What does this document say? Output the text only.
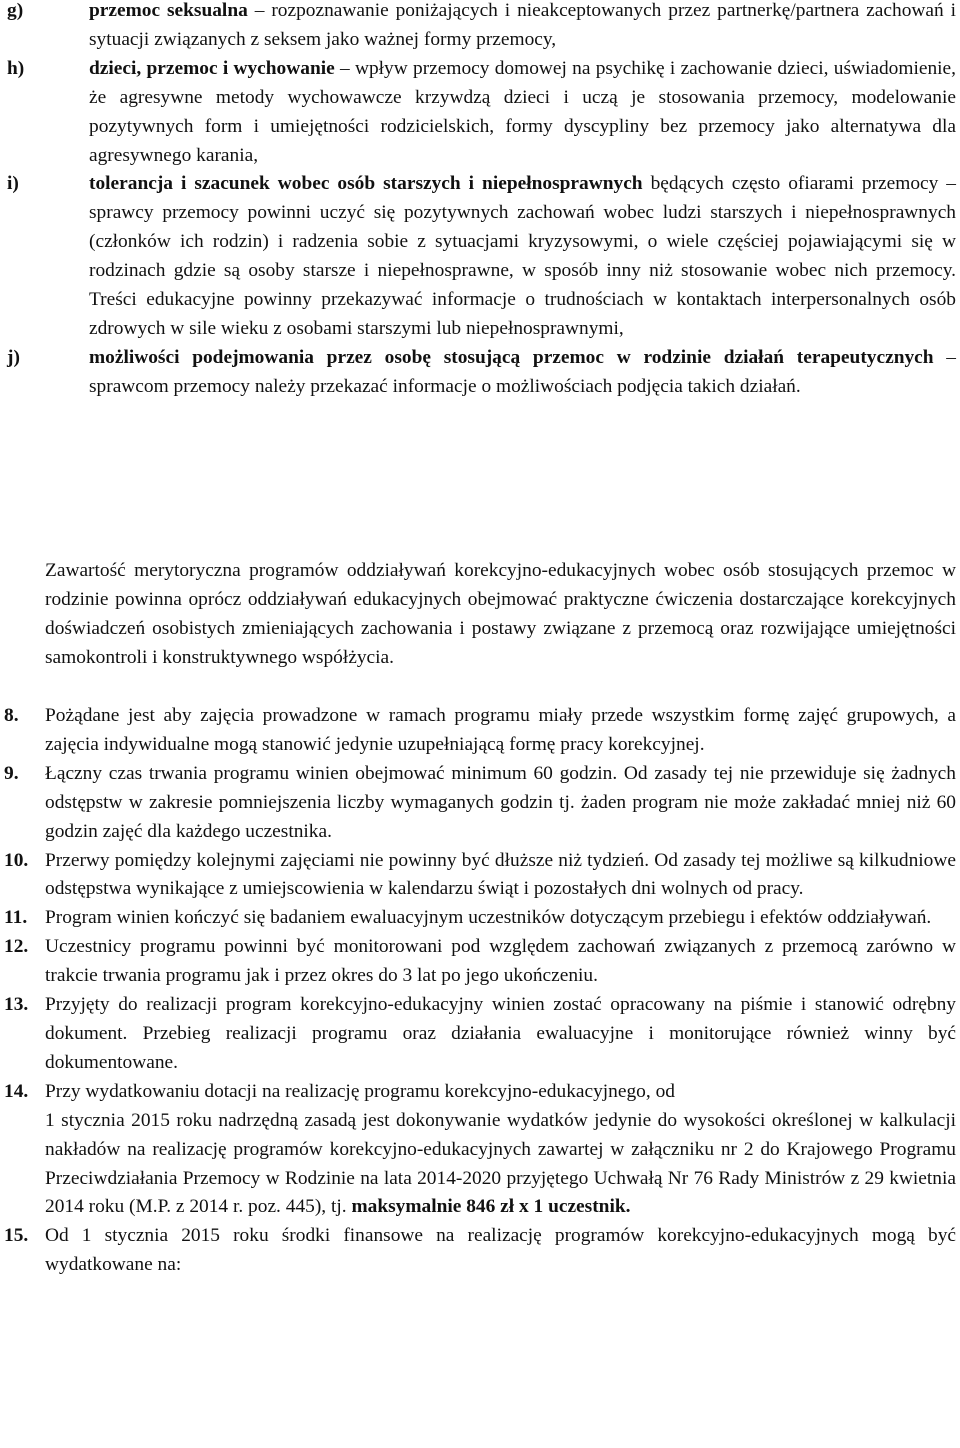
g)	przemoc seksualna – rozpoznawanie poniżających i nieakceptowanych przez partnerkę/partnera zachowań i sytuacji związanych z seksem jako ważnej formy przemocy,
h)	dzieci, przemoc i wychowanie – wpływ przemocy domowej na psychikę i zachowanie dzieci, uświadomienie, że agresywne metody wychowawcze krzywdzą dzieci i uczą je stosowania przemocy, modelowanie pozytywnych form i umiejętności rodzicielskich, formy dyscypliny bez przemocy jako alternatywa dla agresywnego karania,
i)	tolerancja i szacunek wobec osób starszych i niepełnosprawnych będących często ofiarami przemocy – sprawcy przemocy powinni uczyć się pozytywnych zachowań wobec ludzi starszych i niepełnosprawnych (członków ich rodzin) i radzenia sobie z sytuacjami kryzysowymi, o wiele częściej pojawiającymi się w rodzinach gdzie są osoby starsze i niepełnosprawne, w sposób inny niż stosowanie wobec nich przemocy. Treści edukacyjne powinny przekazywać informacje o trudnościach w kontaktach interpersonalnych osób zdrowych w sile wieku z osobami starszymi lub niepełnosprawnymi,
j)	możliwości podejmowania przez osobę stosującą przemoc w rodzinie działań terapeutycznych – sprawcom przemocy należy przekazać informacje o możliwościach podjęcia takich działań.
Zawartość merytoryczna programów oddziaływań korekcyjno-edukacyjnych wobec osób stosujących przemoc w rodzinie powinna oprócz oddziaływań edukacyjnych obejmować praktyczne ćwiczenia dostarczające korekcyjnych doświadczeń osobistych zmieniających zachowania i postawy związane z przemocą oraz rozwijające umiejętności samokontroli i konstruktywnego współżycia.
8. Pożądane jest aby zajęcia prowadzone w ramach programu miały przede wszystkim formę zajęć grupowych, a zajęcia indywidualne mogą stanowić jedynie uzupełniającą formę pracy korekcyjnej.
9. Łączny czas trwania programu winien obejmować minimum 60 godzin. Od zasady tej nie przewiduje się żadnych odstępstw w zakresie pomniejszenia liczby wymaganych godzin tj. żaden program nie może zakładać mniej niż 60 godzin zajęć dla każdego uczestnika.
10. Przerwy pomiędzy kolejnymi zajęciami nie powinny być dłuższe niż tydzień. Od zasady tej możliwe są kilkudniowe odstępstwa wynikające z umiejscowienia w kalendarzu świąt i pozostałych dni wolnych od pracy.
11. Program winien kończyć się badaniem ewaluacyjnym uczestników dotyczącym przebiegu i efektów oddziaływań.
12. Uczestnicy programu powinni być monitorowani pod względem zachowań związanych z przemocą zarówno w trakcie trwania programu jak i przez okres do 3 lat po jego ukończeniu.
13. Przyjęty do realizacji program korekcyjno-edukacyjny winien zostać opracowany na piśmie i stanowić odrębny dokument. Przebieg realizacji programu oraz działania ewaluacyjne i monitorujące również winny być dokumentowane.
14. Przy wydatkowaniu dotacji na realizację programu korekcyjno-edukacyjnego, od
1 stycznia 2015 roku nadrzędną zasadą jest dokonywanie wydatków jedynie do wysokości określonej w kalkulacji nakładów na realizację programów korekcyjno-edukacyjnych zawartej w załączniku nr 2 do Krajowego Programu Przeciwdziałania Przemocy w Rodzinie na lata 2014-2020 przyjętego Uchwałą Nr 76 Rady Ministrów z 29 kwietnia 2014 roku (M.P. z 2014 r. poz. 445), tj. maksymalnie 846 zł x 1 uczestnik.
15. Od 1 stycznia 2015 roku środki finansowe na realizację programów korekcyjno-edukacyjnych mogą być wydatkowane na:
